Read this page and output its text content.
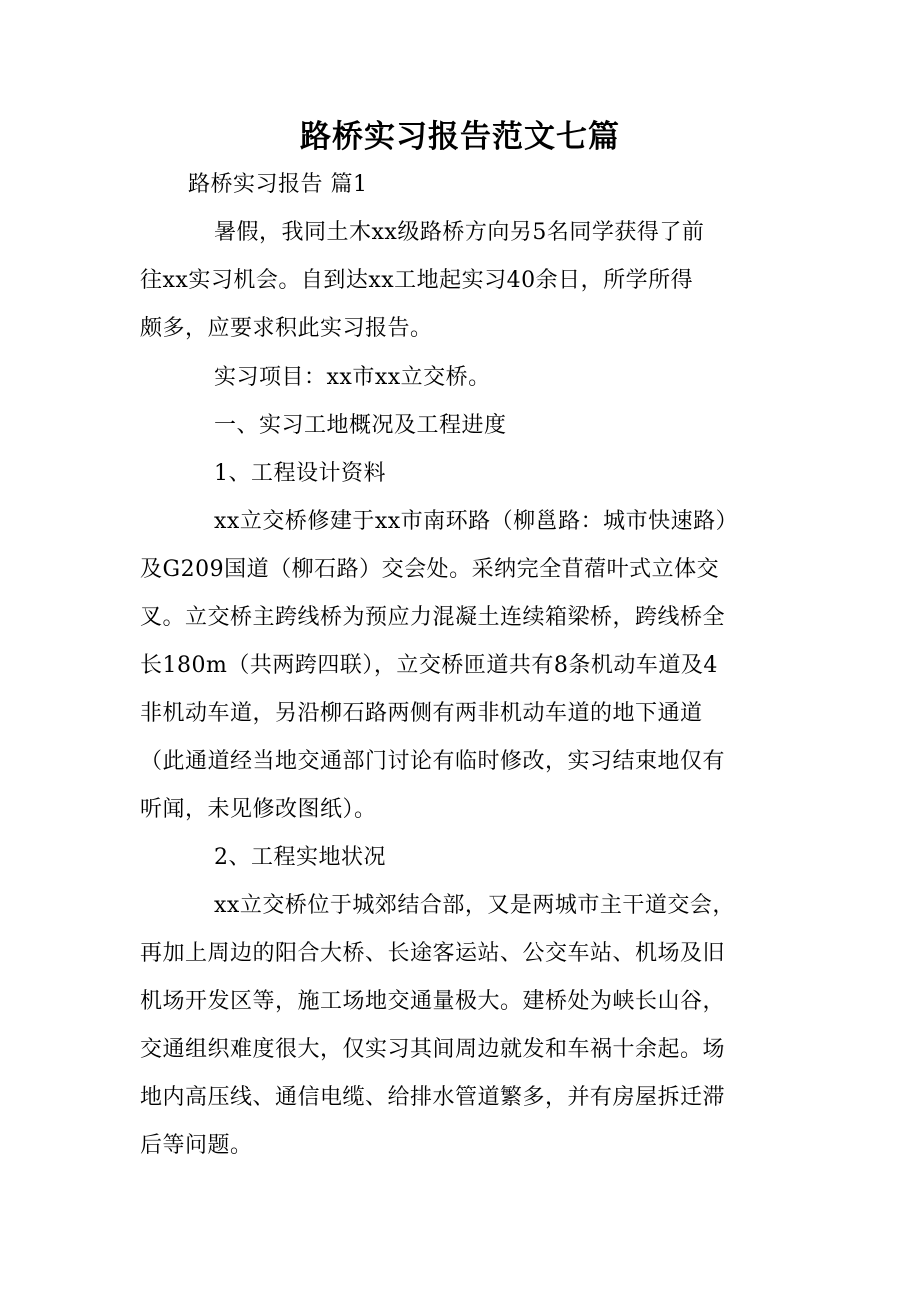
路桥实习报告范文七篇
路桥实习报告 篇1
暑假，我同土木xx级路桥方向另5名同学获得了前
往xx实习机会。自到达xx工地起实习40余日，所学所得
颇多，应要求积此实习报告。
实习项目：xx市xx立交桥。
一、实习工地概况及工程进度
1、工程设计资料
xx立交桥修建于xx市南环路（柳邕路：城市快速路）
及G209国道（柳石路）交会处。采纳完全苜蓿叶式立体交
叉。立交桥主跨线桥为预应力混凝土连续箱梁桥，跨线桥全
长180m（共两跨四联），立交桥匝道共有8条机动车道及4
非机动车道，另沿柳石路两侧有两非机动车道的地下通道
（此通道经当地交通部门讨论有临时修改，实习结束地仅有
听闻，未见修改图纸）。
2、工程实地状况
xx立交桥位于城郊结合部，又是两城市主干道交会，
再加上周边的阳合大桥、长途客运站、公交车站、机场及旧
机场开发区等，施工场地交通量极大。建桥处为峡长山谷，
交通组织难度很大，仅实习其间周边就发和车祸十余起。场
地内高压线、通信电缆、给排水管道繁多，并有房屋拆迁滞
后等问题。
